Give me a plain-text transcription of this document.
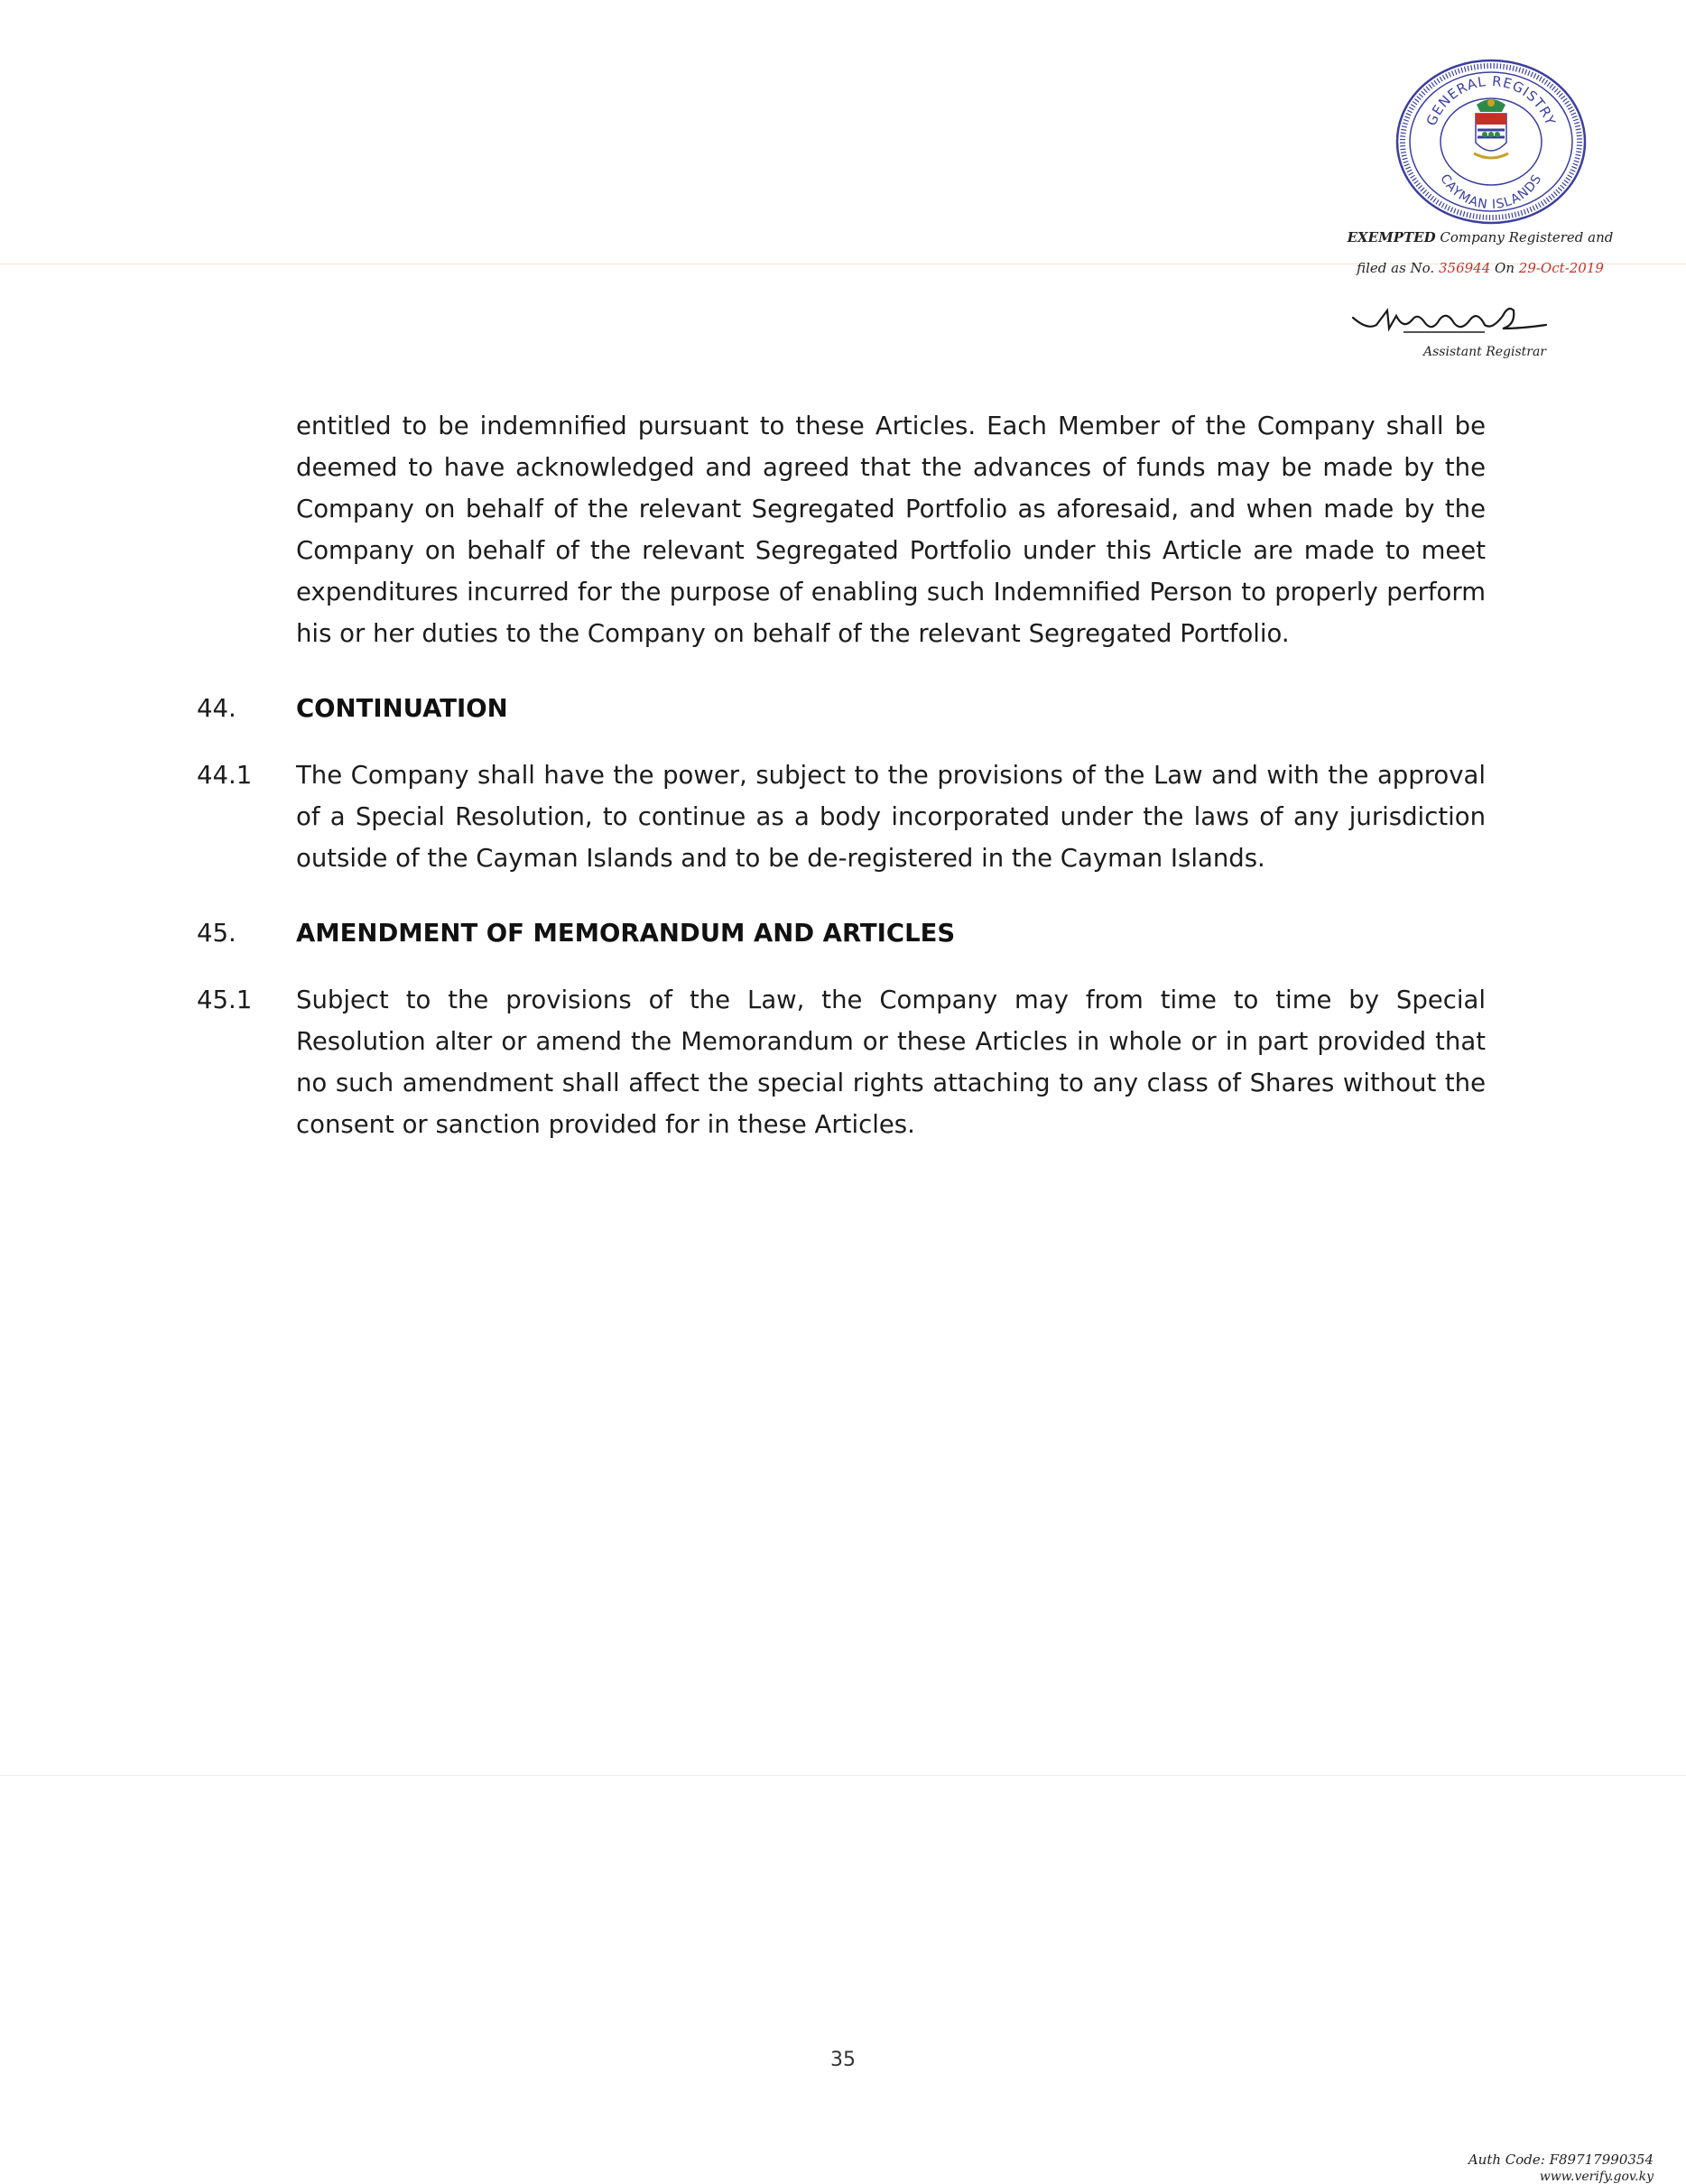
GENERAL REGISTRY
CAYMAN ISLANDS
EXEMPTED Company Registered and
filed as No. 356944 On 29-Oct-2019
Assistant Registrar
entitled to be indemnified pursuant to these Articles. Each Member of the Company shall be deemed to have acknowledged and agreed that the advances of funds may be made by the Company on behalf of the relevant Segregated Portfolio as aforesaid, and when made by the Company on behalf of the relevant Segregated Portfolio under this Article are made to meet expenditures incurred for the purpose of enabling such Indemnified Person to properly perform his or her duties to the Company on behalf of the relevant Segregated Portfolio.
44. CONTINUATION
44.1 The Company shall have the power, subject to the provisions of the Law and with the approval of a Special Resolution, to continue as a body incorporated under the laws of any jurisdiction outside of the Cayman Islands and to be de-registered in the Cayman Islands.
45. AMENDMENT OF MEMORANDUM AND ARTICLES
45.1 Subject to the provisions of the Law, the Company may from time to time by Special Resolution alter or amend the Memorandum or these Articles in whole or in part provided that no such amendment shall affect the special rights attaching to any class of Shares without the consent or sanction provided for in these Articles.
35
Auth Code: F89717990354
www.verify.gov.ky
